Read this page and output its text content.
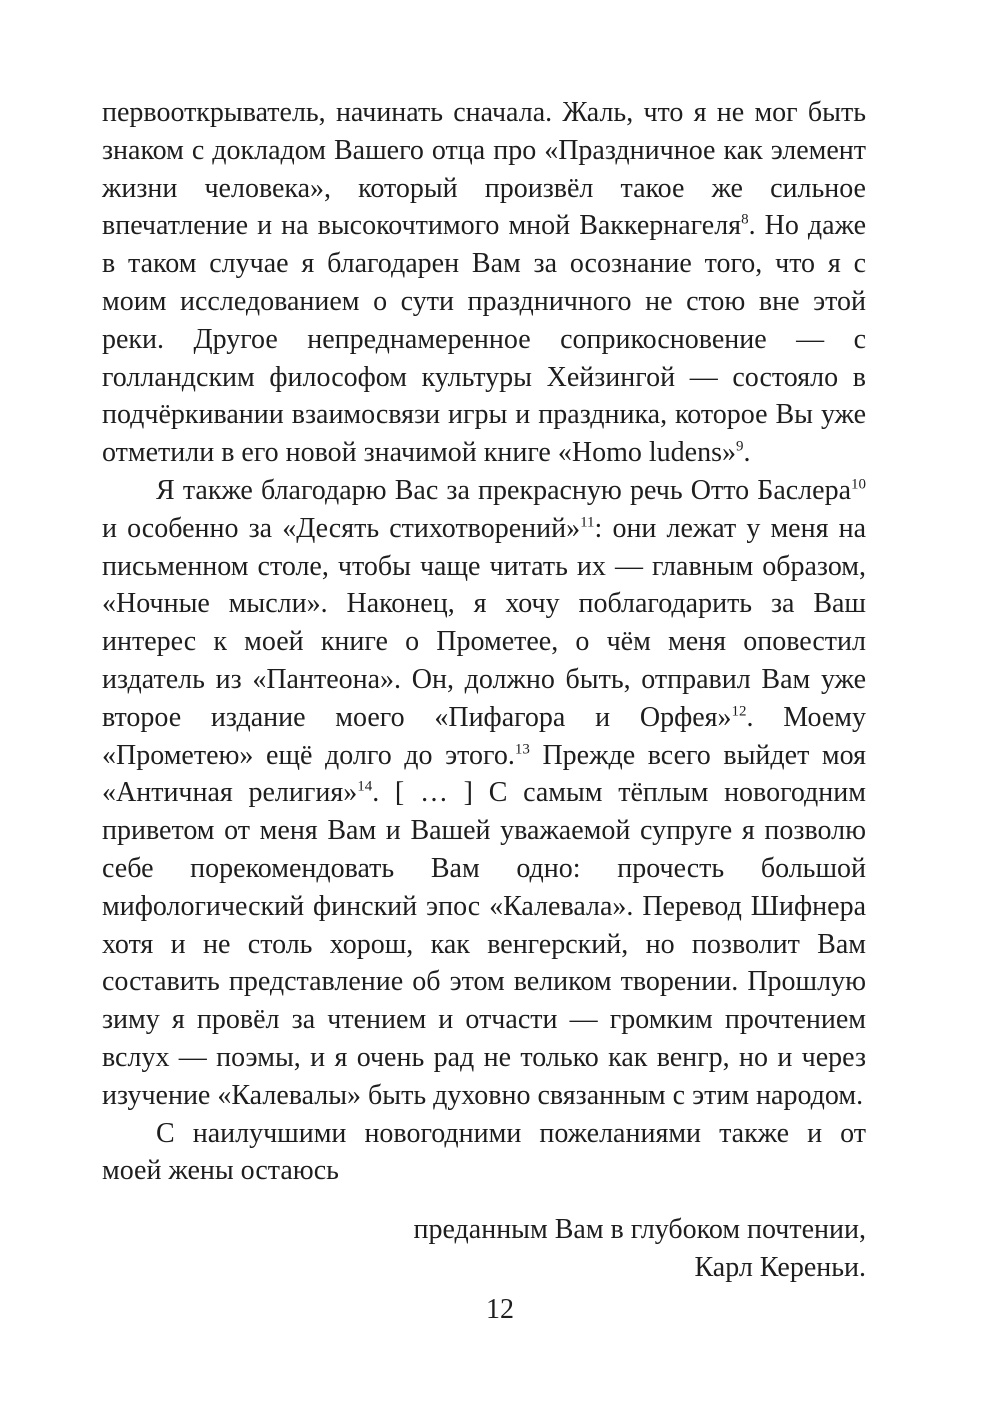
первооткрыватель, начинать сначала. Жаль, что я не мог быть знаком с докладом Вашего отца про «Праздничное как элемент жизни человека», который произвёл такое же сильное впечатление и на высокочтимого мной Ваккернагеля$^8$. Но даже в таком случае я благодарен Вам за осознание того, что я с моим исследованием о сути праздничного не стою вне этой реки. Другое непреднамеренное соприкосновение — с голландским философом культуры Хейзингой — состояло в подчёркивании взаимосвязи игры и праздника, которое Вы уже отметили в его новой значимой книге «Homo ludens»$^9$.

Я также благодарю Вас за прекрасную речь Отто Баслера$^{10}$ и особенно за «Десять стихотворений»$^{11}$: они лежат у меня на письменном столе, чтобы чаще читать их — главным образом, «Ночные мысли». Наконец, я хочу поблагодарить за Ваш интерес к моей книге о Прометее, о чём меня оповестил издатель из «Пантеона». Он, должно быть, отправил Вам уже второе издание моего «Пифагора и Орфея»$^{12}$. Моему «Прометею» ещё долго до этого.$^{13}$ Прежде всего выйдет моя «Античная религия»$^{14}$. [ … ] С самым тёплым новогодним приветом от меня Вам и Вашей уважаемой супруге я позволю себе порекомендовать Вам одно: прочесть большой мифологический финский эпос «Калевала». Перевод Шифнера хотя и не столь хорош, как венгерский, но позволит Вам составить представление об этом великом творении. Прошлую зиму я провёл за чтением и отчасти — громким прочтением вслух — поэмы, и я очень рад не только как венгр, но и через изучение «Калевалы» быть духовно связанным с этим народом.

С наилучшими новогодними пожеланиями также и от моей жены остаюсь

преданным Вам в глубоком почтении,
Карл Кереньи.
12
